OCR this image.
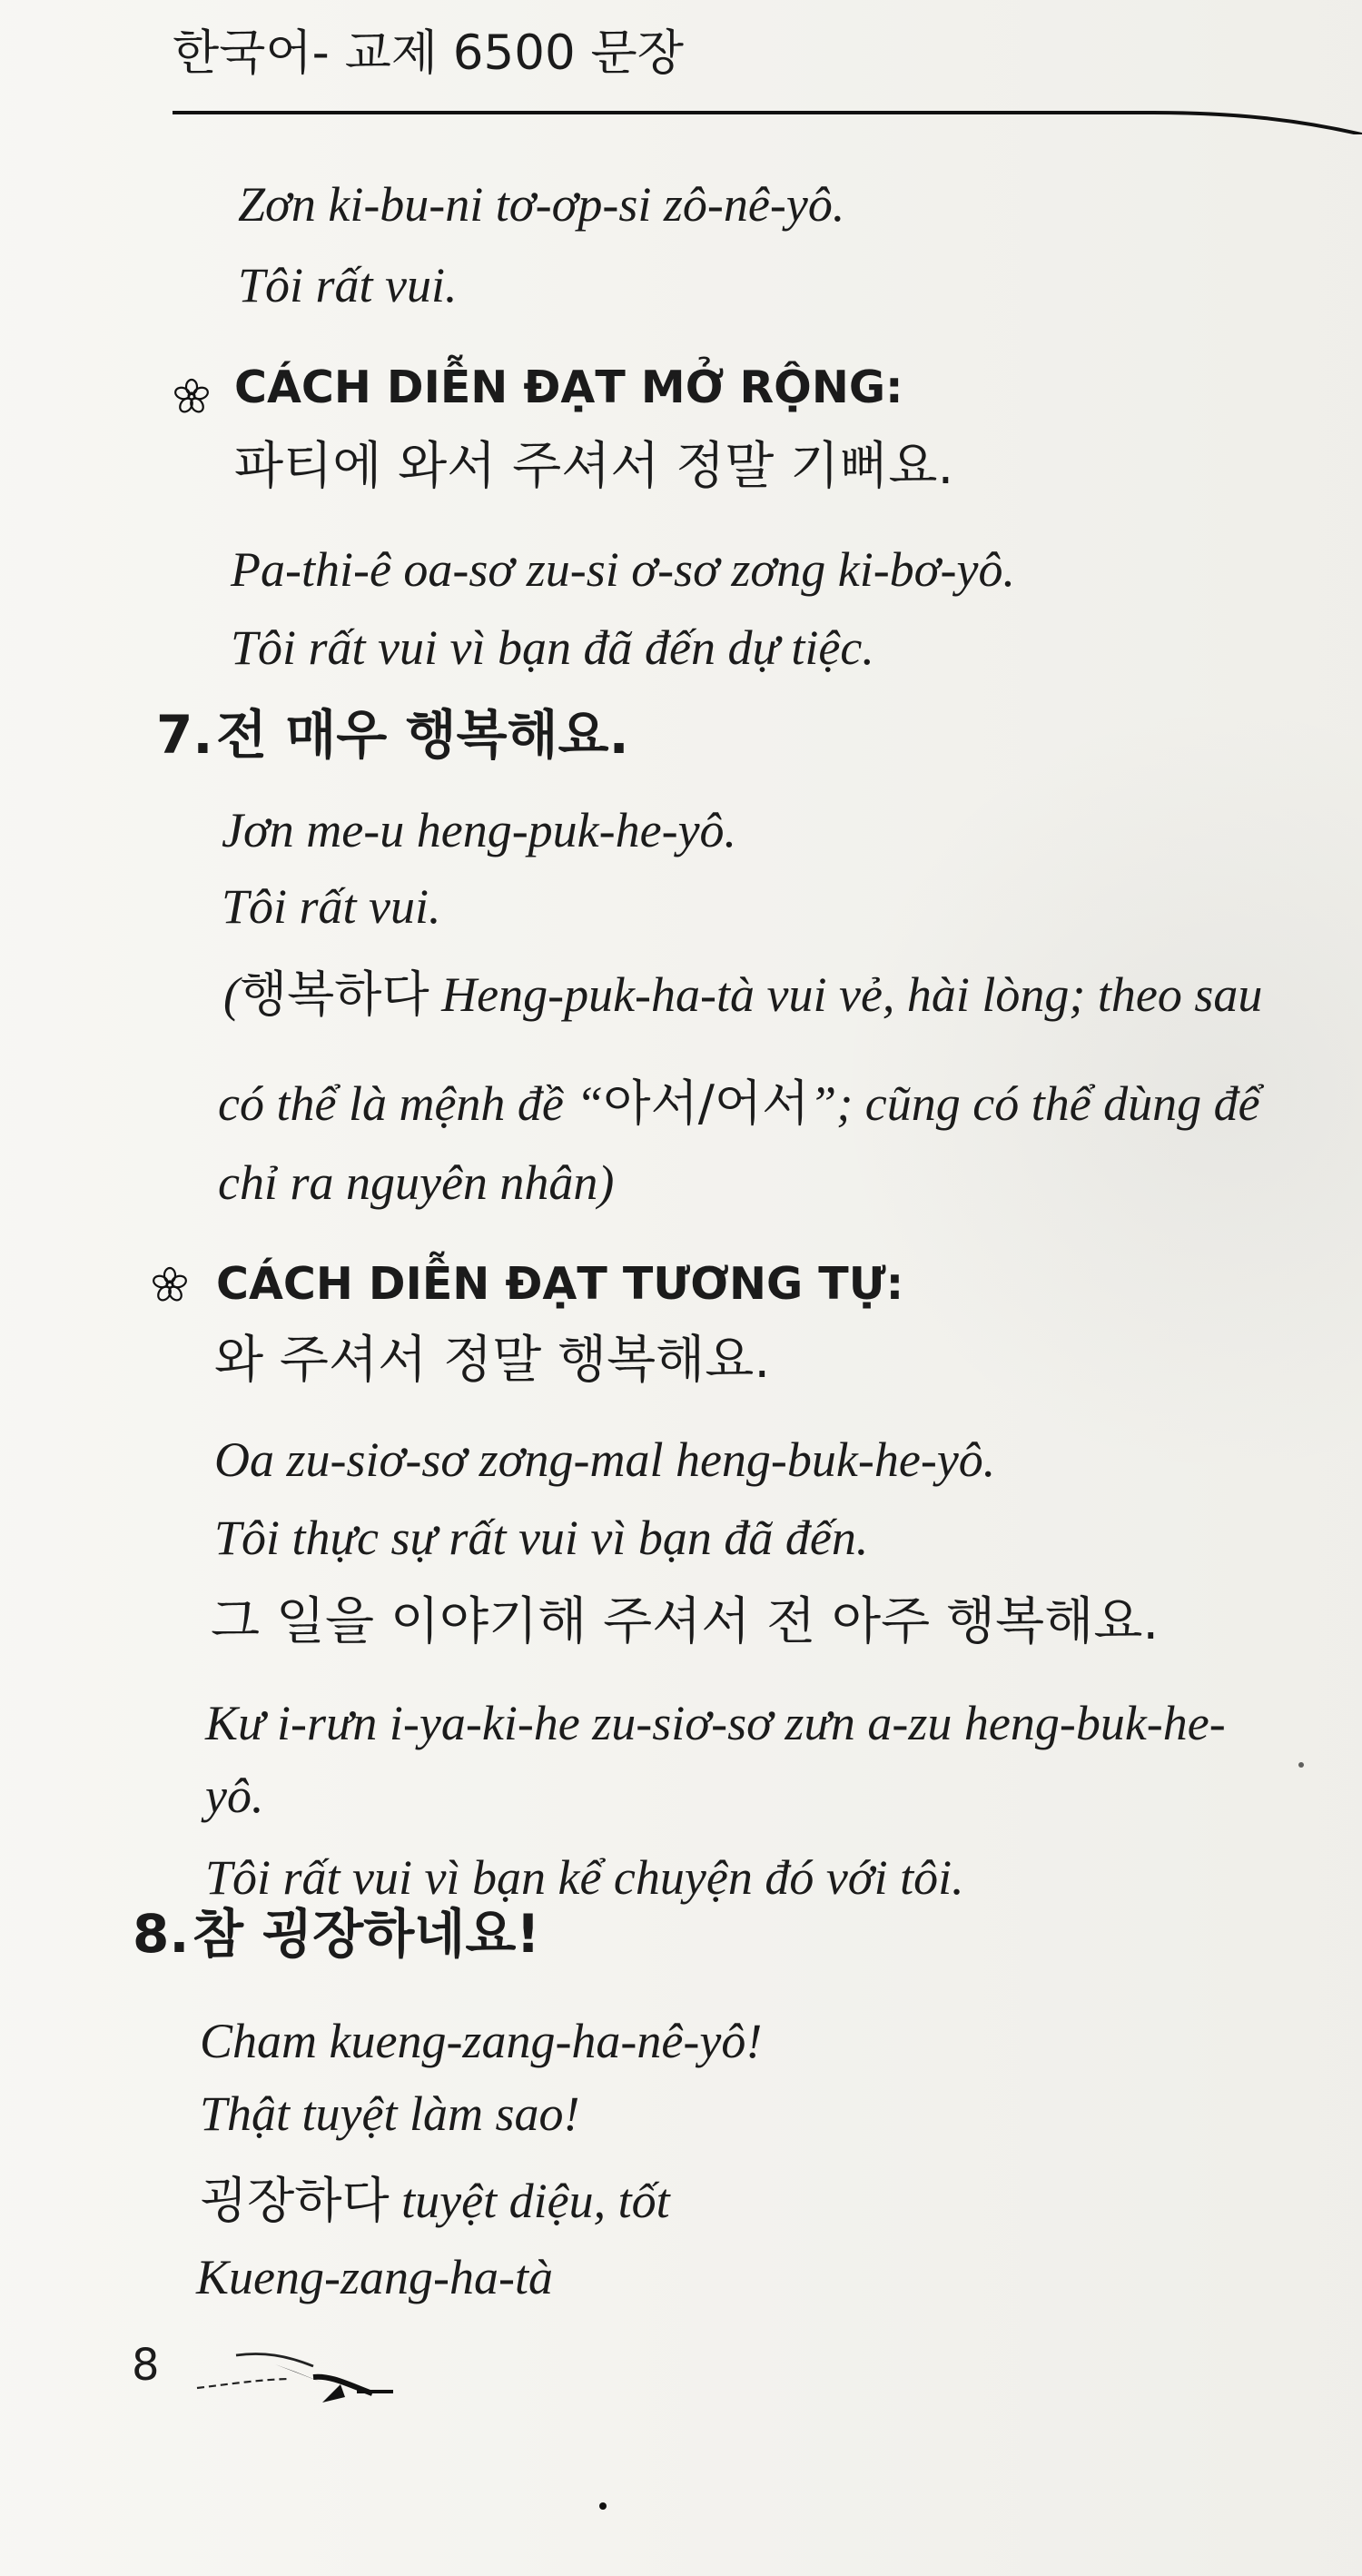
한국어- 교제 6500 문장
Zơn ki-bu-ni tơ-ơp-si zô-nê-yô.
Tôi rất vui.
CÁCH DIỄN ĐẠT MỞ RỘNG:
파티에 와서 주셔서 정말 기뻐요.
Pa-thi-ê oa-sơ zu-si ơ-sơ zơng ki-bơ-yô.
Tôi rất vui vì bạn đã đến dự tiệc.
7. 전 매우 행복해요.
Jơn me-u heng-puk-he-yô.
Tôi rất vui.
(행복하다 Heng-puk-ha-tà vui vẻ, hài lòng; theo sau
có thể là mệnh đề “아서/어서”; cũng có thể dùng để
chỉ ra nguyên nhân)
CÁCH DIỄN ĐẠT TƯƠNG TỰ:
와 주셔서 정말 행복해요.
Oa zu-siơ-sơ zơng-mal heng-buk-he-yô.
Tôi thực sự rất vui vì bạn đã đến.
그 일을 이야기해 주셔서 전 아주 행복해요.
Kư i-rưn i-ya-ki-he zu-siơ-sơ zưn a-zu heng-buk-he-
yô.
Tôi rất vui vì bạn kể chuyện đó với tôi.
8. 참 굉장하네요!
Cham kueng-zang-ha-nê-yô!
Thật tuyệt làm sao!
굉장하다 tuyệt diệu, tốt
Kueng-zang-ha-tà
8
